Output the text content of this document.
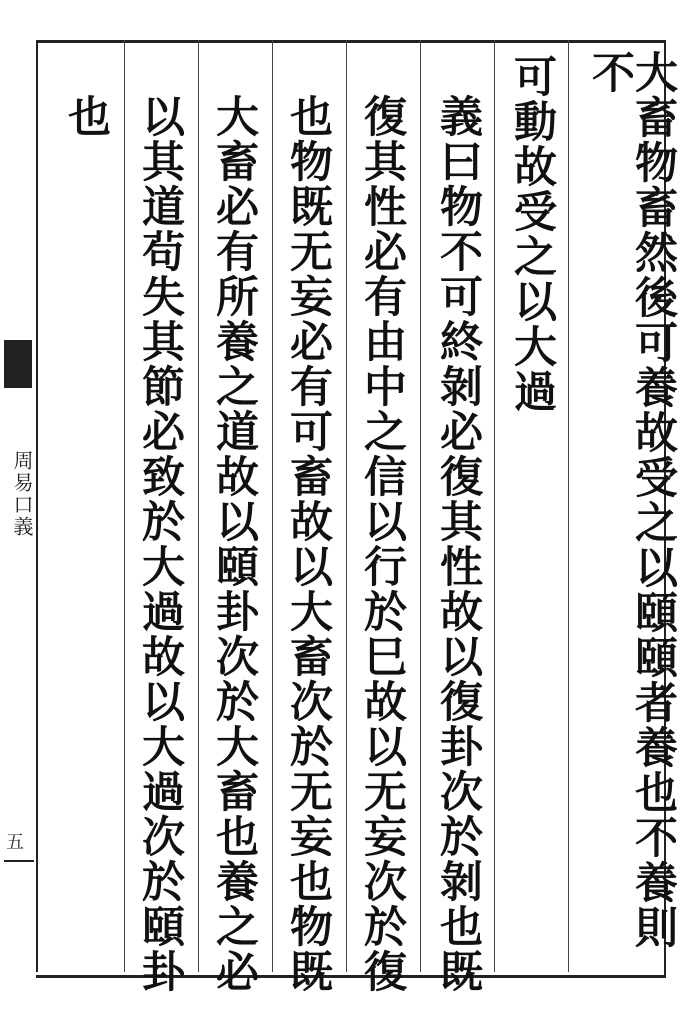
周易口義
五	大畜物畜然後可養故受之以頤頤者養也不養則不
可動故受之以大過
義曰物不可終剝必復其性故以復卦次於剝也既
復其性必有由中之信以行於巳故以无妄次於復
也物既无妄必有可畜故以大畜次於无妄也物既
大畜必有所養之道故以頤卦次於大畜也養之必
以其道茍失其節必致於大過故以大過次於頤卦
也
